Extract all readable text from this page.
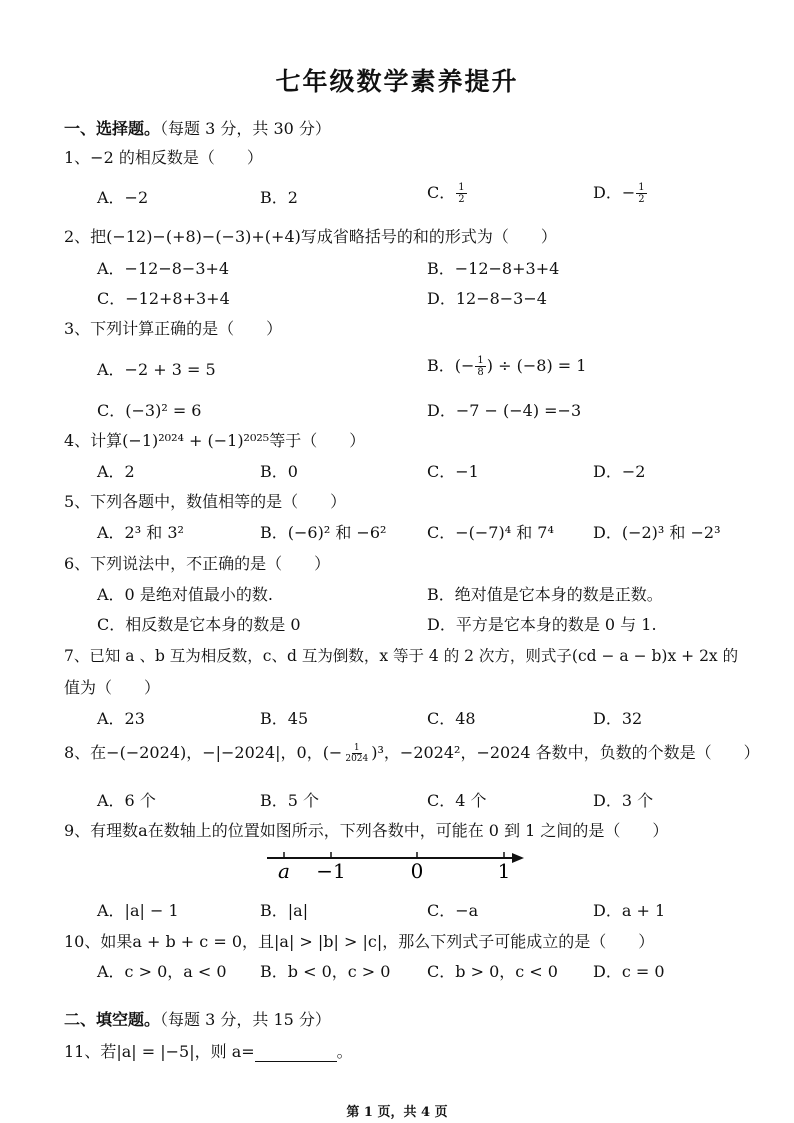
七年级数学素养提升
一、选择题。（每题 3 分，共 30 分）
1、−2 的相反数是（　　）
A．−2	B．2	C． $\frac{1}{2}$	D．− $\frac{1}{2}$
2、把(−12)−(+8)−(−3)+(+4)写成省略括号的和的形式为（　　）
A．−12−8−3+4	B．−12−8+3+4
C．−12+8+3+4	D．12−8−3−4
3、下列计算正确的是（　　）
A．−2 + 3 = 5	B．(− $\frac{1}{8}$ ) ÷ (−8) = 1
C．(−3)² = 6	D．−7 − (−4) =−3
4、计算(−1)²⁰²⁴ + (−1)²⁰²⁵等于（　　）
A．2	B．0	C．−1	D．−2
5、下列各题中，数值相等的是（　　）
A．2³ 和 3²	B．(−6)² 和 −6²	C．−(−7)⁴ 和 7⁴ D．(−2)³ 和 −2³
6、下列说法中，不正确的是（　　）
A．0 是绝对值最小的数.	B．绝对值是它本身的数是正数。
C．相反数是它本身的数是 0	D．平方是它本身的数是 0 与 1.
7、已知 a 、b 互为相反数，c、d 互为倒数，x 等于 4 的 2 次方，则式子(cd − a − b)x + 2x 的
值为（　　）
A．23	B．45	C．48	D．32
8、在−(−2024)，−|−2024|，0，(− $\frac{1}{2024} )^3$，−2024²，−2024 各数中，负数的个数是（　　）
A．6 个	B．5 个	C．4 个	D．3 个
9、有理数a在数轴上的位置如图所示，下列各数中，可能在 0 到 1 之间的是（　　）
a −1	0	1
A．|a| − 1	B．|a|	C．−a	D．a + 1
10、如果a + b + c = 0，且|a| > |b| > |c|，那么下列式子可能成立的是（　　）
A．c > 0，a < 0 B．b < 0，c > 0 C．b > 0，c < 0 D．c = 0
二、填空题。（每题 3 分，共 15 分）
11、若|a| = |−5|，则 a=	。
第 1 页，共 4 页
